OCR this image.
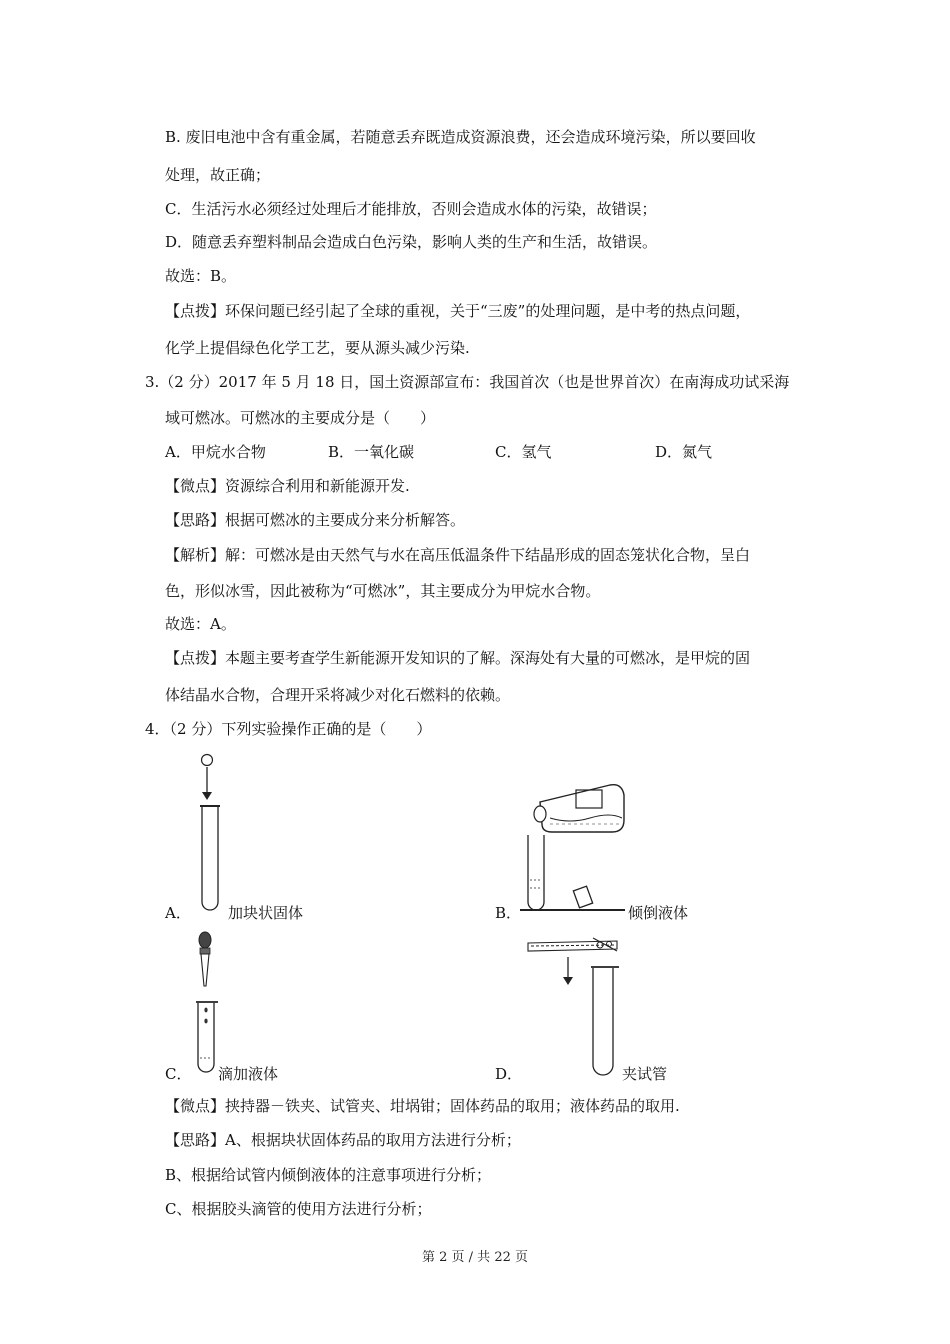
B. 废旧电池中含有重金属，若随意丢弃既造成资源浪费，还会造成环境污染，所以要回收
处理，故正确；
C．生活污水必须经过处理后才能排放，否则会造成水体的污染，故错误；
D．随意丢弃塑料制品会造成白色污染，影响人类的生产和生活，故错误。
故选：B。
【点拨】环保问题已经引起了全球的重视，关于“三废”的处理问题，是中考的热点问题，
化学上提倡绿色化学工艺，要从源头减少污染.
3.（2 分）2017 年 5 月 18 日，国土资源部宣布：我国首次（也是世界首次）在南海成功试采海
域可燃冰。可燃冰的主要成分是（　　）
A．甲烷水合物	B．一氧化碳	C．氢气	D．氮气
【微点】资源综合利用和新能源开发.
【思路】根据可燃冰的主要成分来分析解答。
【解析】解：可燃冰是由天然气与水在高压低温条件下结晶形成的固态笼状化合物，呈白
色，形似冰雪，因此被称为“可燃冰”，其主要成分为甲烷水合物。
故选：A。
【点拨】本题主要考查学生新能源开发知识的了解。深海处有大量的可燃冰，是甲烷的固
体结晶水合物，合理开采将减少对化石燃料的依赖。
4．（2 分）下列实验操作正确的是（　　）
A． 加块状固体	B．	倾倒液体
C． 滴加液体	D．	夹试管
【微点】挟持器－铁夹、试管夹、坩埚钳；固体药品的取用；液体药品的取用.
【思路】A、根据块状固体药品的取用方法进行分析；
B、根据给试管内倾倒液体的注意事项进行分析；
C、根据胶头滴管的使用方法进行分析；
第 2 页 / 共 22 页
